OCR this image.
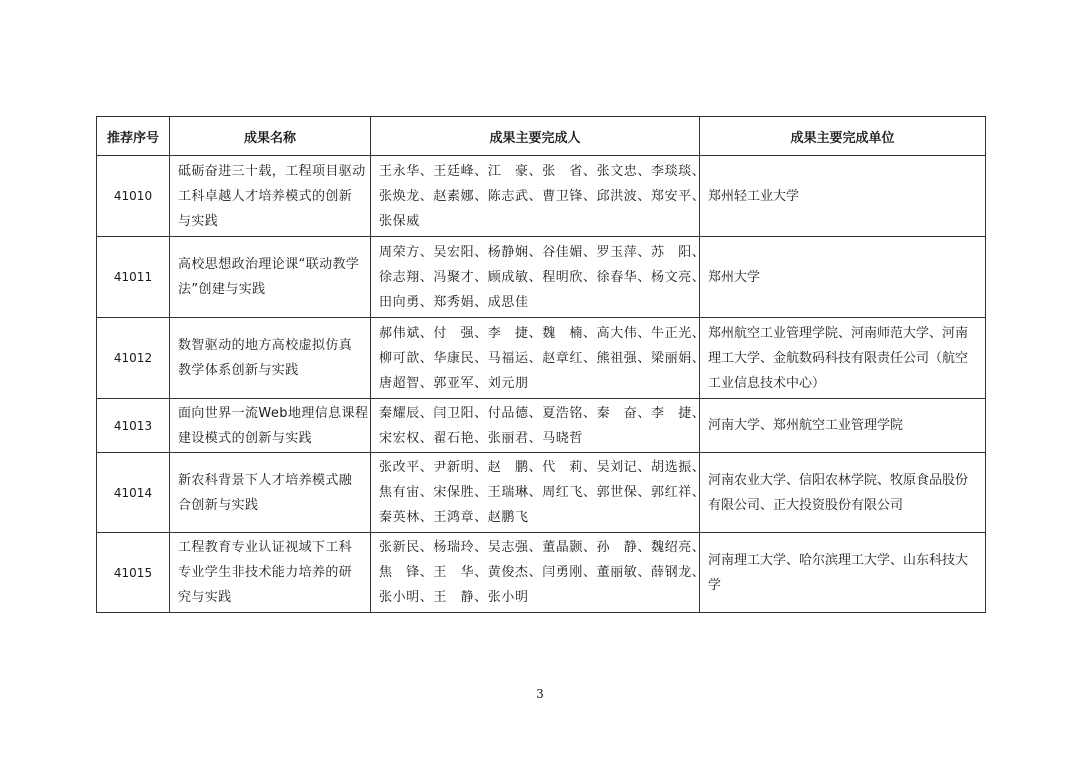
推荐序号	成果名称	成果主要完成人	成果主要完成单位
41010	砥砺奋进三十载，工程项目驱动
工科卓越人才培养模式的创新
与实践	王永华、王廷峰、江　豪、张　省、张文忠、李琰琰、
张焕龙、赵素娜、陈志武、曹卫锋、邱洪波、郑安平、
张保威	郑州轻工业大学

41011	高校思想政治理论课“联动教学
法”创建与实践	周荣方、吴宏阳、杨静娴、谷佳媚、罗玉萍、苏　阳、
徐志翔、冯聚才、顾成敏、程明欣、徐春华、杨文亮、
田向勇、郑秀娟、成思佳	郑州大学

41012	数智驱动的地方高校虚拟仿真
教学体系创新与实践	郝伟斌、付　强、李　捷、魏　楠、高大伟、牛正光、
柳可歆、华康民、马福运、赵章红、熊祖强、梁丽娟、
唐超智、郭亚军、刘元朋	郑州航空工业管理学院、河南师范大学、河南
理工大学、金航数码科技有限责任公司（航空
工业信息技术中心）

41013	面向世界一流Web地理信息课程
建设模式的创新与实践	秦耀辰、闫卫阳、付品德、夏浩铭、秦　奋、李　捷、
宋宏权、翟石艳、张丽君、马晓哲	河南大学、郑州航空工业管理学院

41014	新农科背景下人才培养模式融
合创新与实践	张改平、尹新明、赵　鹏、代　莉、吴刘记、胡选振、
焦有宙、宋保胜、王瑞琳、周红飞、郭世保、郭红祥、
秦英林、王鸿章、赵鹏飞	河南农业大学、信阳农林学院、牧原食品股份
有限公司、正大投资股份有限公司

41015	工程教育专业认证视域下工科
专业学生非技术能力培养的研
究与实践	张新民、杨瑞玲、吴志强、董晶颢、孙　静、魏绍亮、
焦　锋、王　华、黄俊杰、闫勇刚、董丽敏、薛钢龙、
张小明、王　静、张小明	河南理工大学、哈尔滨理工大学、山东科技大
学
3
